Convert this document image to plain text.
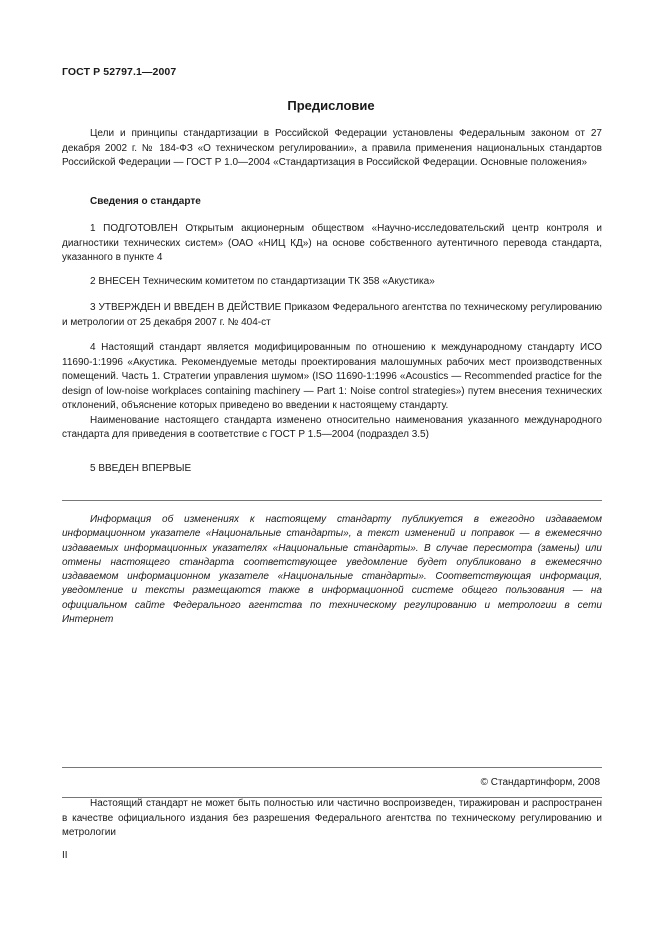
ГОСТ Р 52797.1—2007
Предисловие

Цели и принципы стандартизации в Российской Федерации установлены Федеральным законом от 27 декабря 2002 г. № 184-ФЗ «О техническом регулировании», а правила применения национальных стандартов Российской Федерации — ГОСТ Р 1.0—2004 «Стандартизация в Российской Федерации. Основные положения»

Сведения о стандарте

1 ПОДГОТОВЛЕН Открытым акционерным обществом «Научно-исследовательский центр контроля и диагностики технических систем» (ОАО «НИЦ КД») на основе собственного аутентичного перевода стандарта, указанного в пункте 4

2 ВНЕСЕН Техническим комитетом по стандартизации ТК 358 «Акустика»

3 УТВЕРЖДЕН И ВВЕДЕН В ДЕЙСТВИЕ Приказом Федерального агентства по техническому регулированию и метрологии от 25 декабря 2007 г. № 404-ст

4 Настоящий стандарт является модифицированным по отношению к международному стандарту ИСО 11690-1:1996 «Акустика. Рекомендуемые методы проектирования малошумных рабочих мест производственных помещений. Часть 1. Стратегии управления шумом» (ISO 11690-1:1996 «Acoustics — Recommended practice for the design of low-noise workplaces containing machinery — Part 1: Noise control strategies») путем внесения технических отклонений, объяснение которых приведено во введении к настоящему стандарту.

Наименование настоящего стандарта изменено относительно наименования указанного международного стандарта для приведения в соответствие с ГОСТ Р 1.5—2004 (подраздел 3.5)

5 ВВЕДЕН ВПЕРВЫЕ

Информация об изменениях к настоящему стандарту публикуется в ежегодно издаваемом информационном указателе «Национальные стандарты», а текст изменений и поправок — в ежемесячно издаваемых информационных указателях «Национальные стандарты». В случае пересмотра (замены) или отмены настоящего стандарта соответствующее уведомление будет опубликовано в ежемесячно издаваемом информационном указателе «Национальные стандарты». Соответствующая информация, уведомление и тексты размещаются также в информационной системе общего пользования — на официальном сайте Федерального агентства по техническому регулированию и метрологии в сети Интернет

© Стандартинформ, 2008

Настоящий стандарт не может быть полностью или частично воспроизведен, тиражирован и распространен в качестве официального издания без разрешения Федерального агентства по техническому регулированию и метрологии

II
